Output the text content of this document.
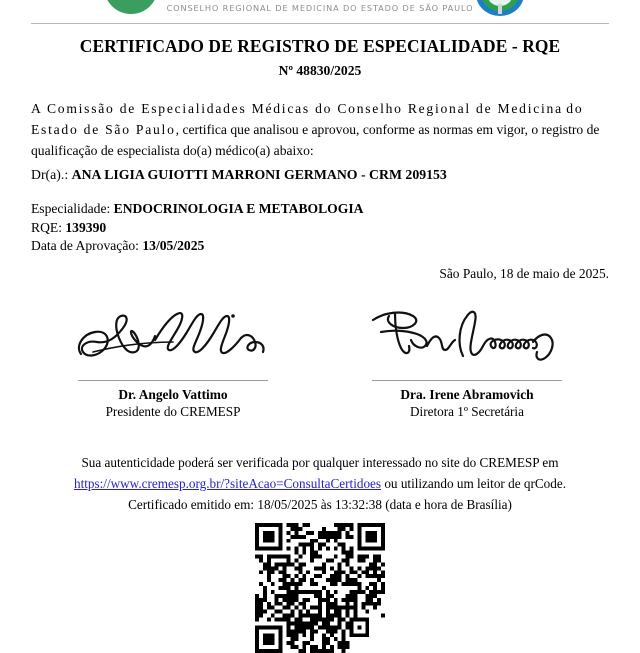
CONSELHO REGIONAL DE MEDICINA DO ESTADO DE SÃO PAULO
CERTIFICADO DE REGISTRO DE ESPECIALIDADE - RQE
Nº 48830/2025
A Comissão de Especialidades Médicas do Conselho Regional de Medicina do Estado de São Paulo, certifica que analisou e aprovou, conforme as normas em vigor, o registro de qualificação de especialista do(a) médico(a) abaixo:
Dr(a).: ANA LIGIA GUIOTTI MARRONI GERMANO - CRM 209153
Especialidade: ENDOCRINOLOGIA E METABOLOGIA
RQE: 139390
Data de Aprovação: 13/05/2025
São Paulo, 18 de maio de 2025.
Dr. Angelo Vattimo
Presidente do CREMESP
Dra. Irene Abramovich
Diretora 1º Secretária
Sua autenticidade poderá ser verificada por qualquer interessado no site do CREMESP em
https://www.cremesp.org.br/?siteAcao=ConsultaCertidoes ou utilizando um leitor de qrCode.
Certificado emitido em: 18/05/2025 às 13:32:38 (data e hora de Brasília)
